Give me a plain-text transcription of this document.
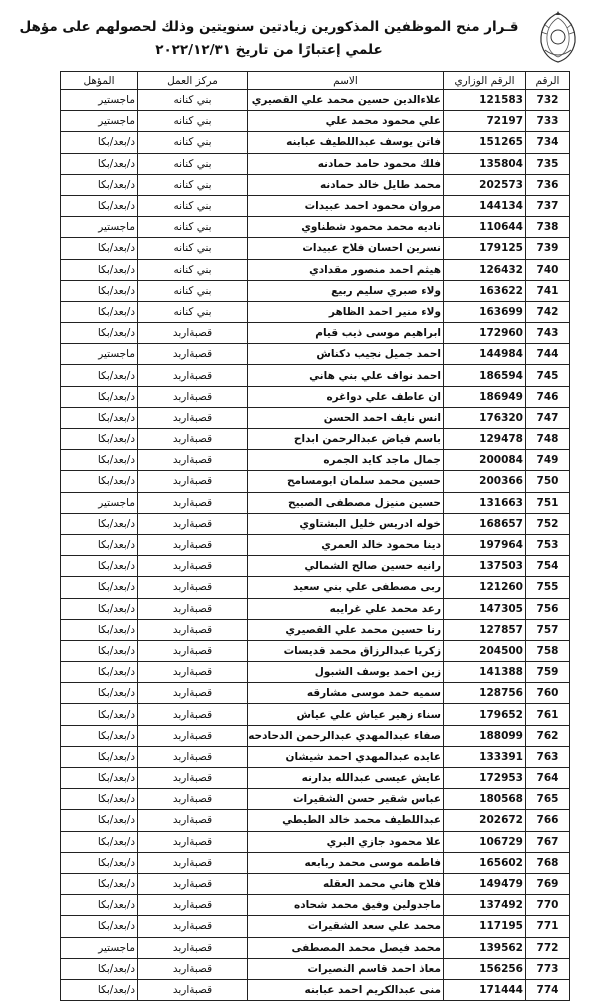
قـرار منح الموظفين المذكورين زيادتين سنويتين وذلك لحصولهم على مؤهل
علمي إعتبارًا من تاريخ ٢٠٢٢/١٢/٣١
الرقم	الرقم الوزاري	الاسم	مركز العمل	المؤهل
732	121583	علاءالدين حسين محمد علي القصيري	بني كنانه	ماجستير
733	72197	علي محمود محمد علي	بني كنانه	ماجستير
734	151265	فاتن يوسف عبداللطيف عبابنه	بني كنانه	د/بعد/بكا
735	135804	فلك محمود حامد حمادنه	بني كنانه	د/بعد/بكا
736	202573	محمد طايل خالد حمادنه	بني كنانه	د/بعد/بكا
737	144134	مروان محمود احمد عبيدات	بني كنانه	د/بعد/بكا
738	110644	ناديه محمد محمود شطناوي	بني كنانه	ماجستير
739	179125	نسرين احسان فلاح عبيدات	بني كنانه	د/بعد/بكا
740	126432	هيثم احمد منصور مقدادي	بني كنانه	د/بعد/بكا
741	163622	ولاء صبري سليم ربيع	بني كنانه	د/بعد/بكا
742	163699	ولاء منير احمد الظاهر	بني كنانه	د/بعد/بكا
743	172960	ابراهيم موسى ذيب قيام	قصبةاربد	د/بعد/بكا
744	144984	احمد جميل نجيب دكناش	قصبةاربد	ماجستير
745	186594	احمد نواف علي بني هاني	قصبةاربد	د/بعد/بكا
746	186949	ان عاطف علي دواغره	قصبةاربد	د/بعد/بكا
747	176320	انس نايف احمد الحسن	قصبةاربد	د/بعد/بكا
748	129478	باسم فياض عبدالرحمن ابداح	قصبةاربد	د/بعد/بكا
749	200084	جمال ماجد كايد الجمره	قصبةاربد	د/بعد/بكا
750	200366	حسين محمد سلمان ابومسامح	قصبةاربد	د/بعد/بكا
751	131663	حسين منيزل مصطفى الصبيح	قصبةاربد	ماجستير
752	168657	خوله ادريس خليل البشتاوي	قصبةاربد	د/بعد/بكا
753	197964	دينا محمود خالد العمري	قصبةاربد	د/بعد/بكا
754	137503	رانيه حسين صالح الشمالي	قصبةاربد	د/بعد/بكا
755	121260	ربى مصطفى علي بني سعيد	قصبةاربد	د/بعد/بكا
756	147305	رعد محمد علي غرايبه	قصبةاربد	د/بعد/بكا
757	127857	رنا حسين محمد علي القصيري	قصبةاربد	د/بعد/بكا
758	204500	زكريا عبدالرزاق محمد قديسات	قصبةاربد	د/بعد/بكا
759	141388	زين احمد يوسف الشبول	قصبةاربد	د/بعد/بكا
760	128756	سميه حمد موسى مشارقه	قصبةاربد	د/بعد/بكا
761	179652	سناء زهير عياش علي عياش	قصبةاربد	د/بعد/بكا
762	188099	صفاء عبدالمهدي عبدالرحمن الدحادحه	قصبةاربد	د/بعد/بكا
763	133391	عايده عبدالمهدي احمد شيشان	قصبةاربد	د/بعد/بكا
764	172953	عايش عيسى عبدالله بدارنه	قصبةاربد	د/بعد/بكا
765	180568	عباس شقير حسن الشقيرات	قصبةاربد	د/بعد/بكا
766	202672	عبداللطيف محمد خالد الطيطي	قصبةاربد	د/بعد/بكا
767	106729	علا محمود جازي البري	قصبةاربد	د/بعد/بكا
768	165602	فاطمه موسى محمد ربابعه	قصبةاربد	د/بعد/بكا
769	149479	فلاح هاني محمد العقله	قصبةاربد	د/بعد/بكا
770	137492	ماجدولين وفيق محمد شحاده	قصبةاربد	د/بعد/بكا
771	117195	محمد علي سعد الشقيرات	قصبةاربد	د/بعد/بكا
772	139562	محمد فيصل محمد المصطفى	قصبةاربد	ماجستير
773	156256	معاذ احمد قاسم النصيرات	قصبةاربد	د/بعد/بكا
774	171444	منى عبدالكريم احمد عبابنه	قصبةاربد	د/بعد/بكا
